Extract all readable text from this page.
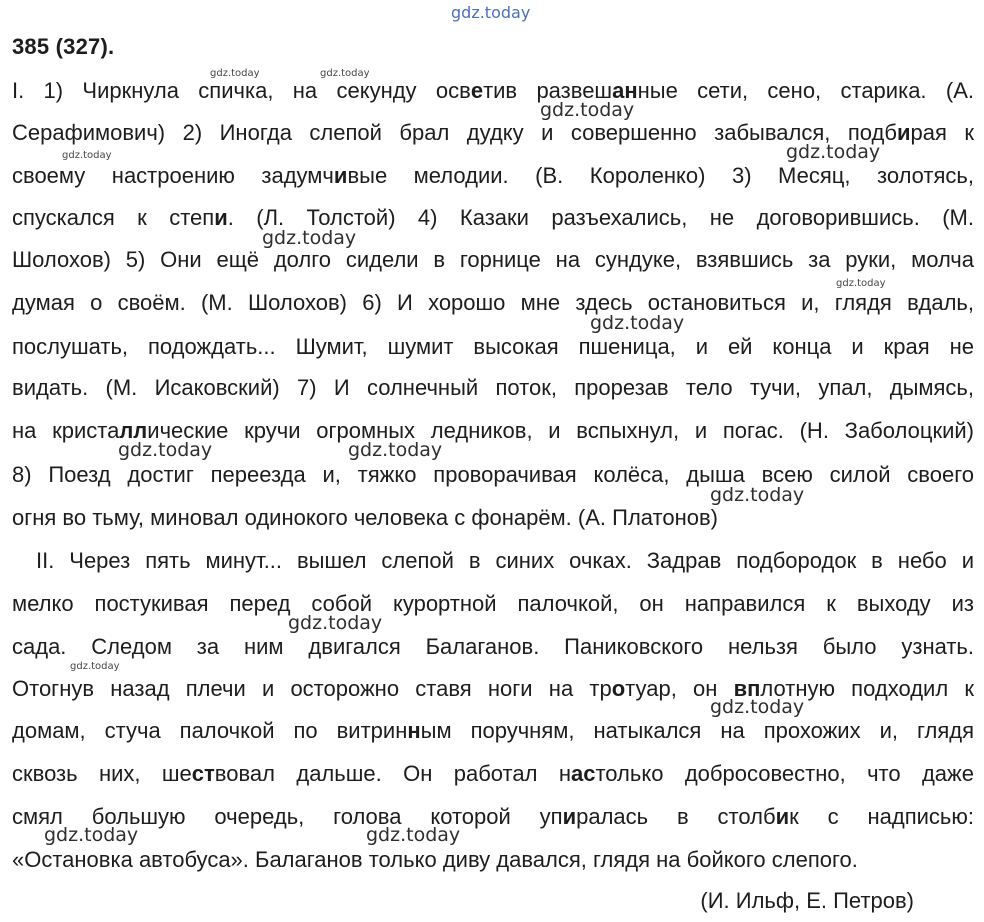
gdz.today
385 (327).
I. 1) Чиркнула спичка, на секунду осветив развешанные сети, сено, старика. (А.
Серафимович) 2) Иногда слепой брал дудку и совершенно забывался, подбирая к
своему настроению задумчивые мелодии. (В. Короленко) 3) Месяц, золотясь,
спускался к степи. (Л. Толстой) 4) Казаки разъехались, не договорившись. (М.
Шолохов) 5) Они ещё долго сидели в горнице на сундуке, взявшись за руки, молча
думая о своём. (М. Шолохов) 6) И хорошо мне здесь остановиться и, глядя вдаль,
послушать, подождать... Шумит, шумит высокая пшеница, и ей конца и края не
видать. (М. Исаковский) 7) И солнечный поток, прорезав тело тучи, упал, дымясь,
на кристаллические кручи огромных ледников, и вспыхнул, и погас. (Н. Заболоцкий)
8) Поезд достиг переезда и, тяжко проворачивая колёса, дыша всею силой своего
огня во тьму, миновал одинокого человека с фонарём. (А. Платонов)
II. Через пять минут... вышел слепой в синих очках. Задрав подбородок в небо и
мелко постукивая перед собой курортной палочкой, он направился к выходу из
сада. Следом за ним двигался Балаганов. Паниковского нельзя было узнать.
Отогнув назад плечи и осторожно ставя ноги на тротуар, он вплотную подходил к
домам, стуча палочкой по витринным поручням, натыкался на прохожих и, глядя
сквозь них, шествовал дальше. Он работал настолько добросовестно, что даже
смял большую очередь, голова которой упиралась в столбик с надписью:
«Остановка автобуса». Балаганов только диву давался, глядя на бойкого слепого.
(И. Ильф, Е. Петров)
gdz.today	gdz.today
gdz.today
gdz.today
gdz.today
gdz.today
gdz.today
gdz.today
gdz.today	gdz.today
gdz.today
gdz.today
gdz.today
gdz.today
gdz.today	gdz.today
